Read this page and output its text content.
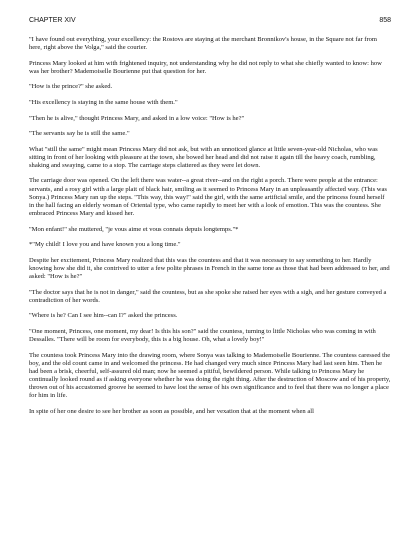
CHAPTER XIV	858

"I have found out everything, your excellency: the Rostovs are staying at the merchant Bronnikov's house, in the Square not far from here, right above the Volga," said the courier.

Princess Mary looked at him with frightened inquiry, not understanding why he did not reply to what she chiefly wanted to know: how was her brother? Mademoiselle Bourienne put that question for her.

"How is the prince?" she asked.

"His excellency is staying in the same house with them."

"Then he is alive," thought Princess Mary, and asked in a low voice: "How is he?"

"The servants say he is still the same."

What "still the same" might mean Princess Mary did not ask, but with an unnoticed glance at little seven-year-old Nicholas, who was sitting in front of her looking with pleasure at the town, she bowed her head and did not raise it again till the heavy coach, rumbling, shaking and swaying, came to a stop. The carriage steps clattered as they were let down.

The carriage door was opened. On the left there was water--a great river--and on the right a porch. There were people at the entrance: servants, and a rosy girl with a large plait of black hair, smiling as it seemed to Princess Mary in an unpleasantly affected way. (This was Sonya.) Princess Mary ran up the steps. "This way, this way!" said the girl, with the same artificial smile, and the princess found herself in the hall facing an elderly woman of Oriental type, who came rapidly to meet her with a look of emotion. This was the countess. She embraced Princess Mary and kissed her.

"Mon enfant!" she muttered, "je vous aime et vous connais depuis longtemps."*

*"My child! I love you and have known you a long time."

Despite her excitement, Princess Mary realized that this was the countess and that it was necessary to say something to her. Hardly knowing how she did it, she contrived to utter a few polite phrases in French in the same tone as those that had been addressed to her, and asked: "How is he?"

"The doctor says that he is not in danger," said the countess, but as she spoke she raised her eyes with a sigh, and her gesture conveyed a contradiction of her words.

"Where is he? Can I see him--can I?" asked the princess.

"One moment, Princess, one moment, my dear! Is this his son?" said the countess, turning to little Nicholas who was coming in with Dessalles. "There will be room for everybody, this is a big house. Oh, what a lovely boy!"

The countess took Princess Mary into the drawing room, where Sonya was talking to Mademoiselle Bourienne. The countess caressed the boy, and the old count came in and welcomed the princess. He had changed very much since Princess Mary had last seen him. Then he had been a brisk, cheerful, self-assured old man; now he seemed a pitiful, bewildered person. While talking to Princess Mary he continually looked round as if asking everyone whether he was doing the right thing. After the destruction of Moscow and of his property, thrown out of his accustomed groove he seemed to have lost the sense of his own significance and to feel that there was no longer a place for him in life.

In spite of her one desire to see her brother as soon as possible, and her vexation that at the moment when all
